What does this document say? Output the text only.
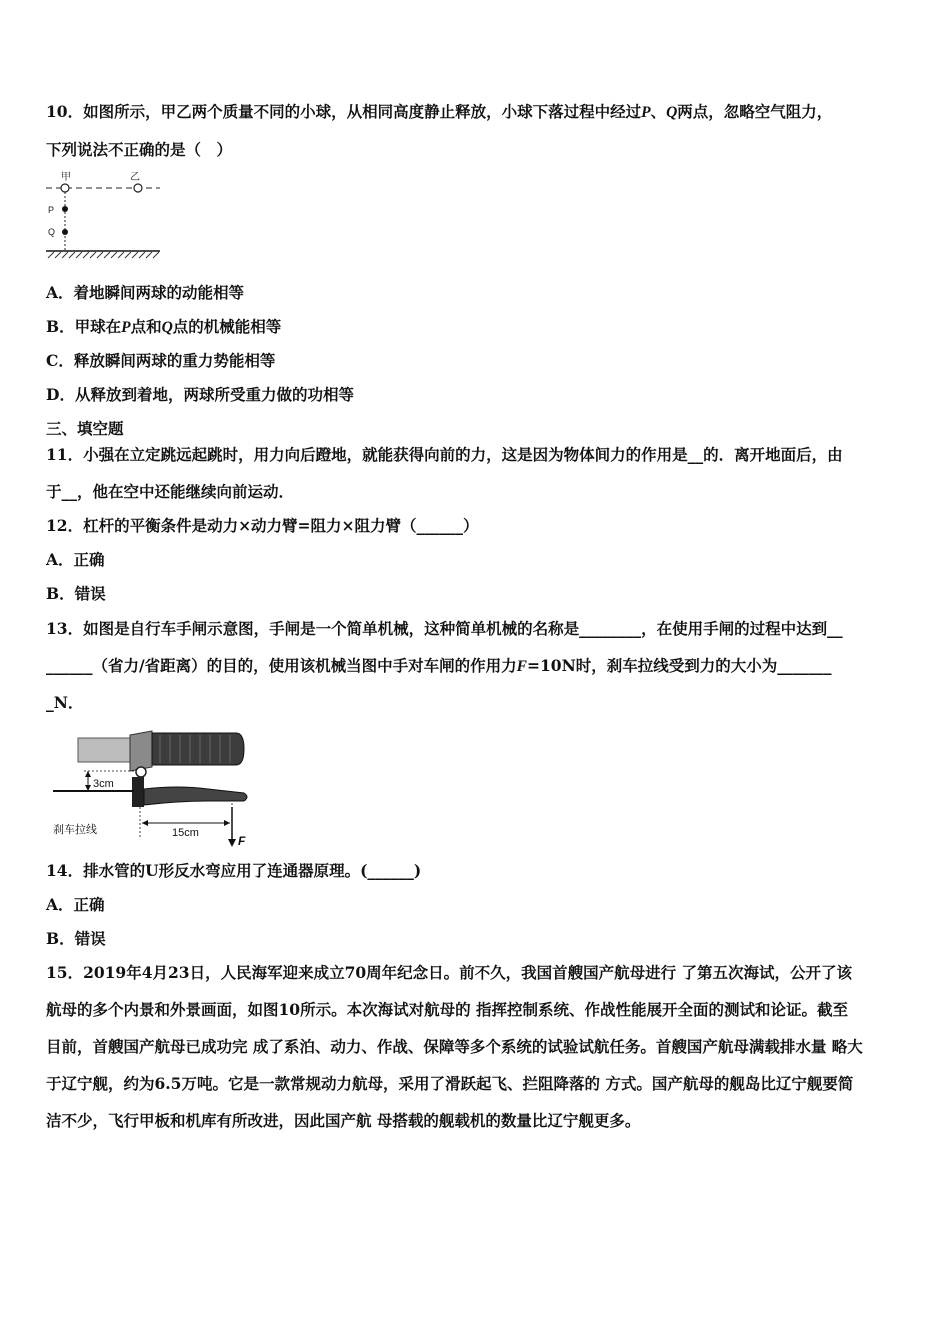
10．如图所示，甲乙两个质量不同的小球，从相同高度静止释放，小球下落过程中经过P、Q两点，忽略空气阻力，
下列说法不正确的是（　）
甲	乙
P
Q
A．着地瞬间两球的动能相等
B．甲球在P点和Q点的机械能相等
C．释放瞬间两球的重力势能相等
D．从释放到着地，两球所受重力做的功相等
三、填空题
11．小强在立定跳远起跳时，用力向后蹬地，就能获得向前的力，这是因为物体间力的作用是__的．离开地面后，由
于__，他在空中还能继续向前运动．
12．杠杆的平衡条件是动力×动力臂=阻力×阻力臂（______）
A．正确
B．错误
13．如图是自行车手闸示意图，手闸是一个简单机械，这种简单机械的名称是________，在使用手闸的过程中达到__
______（省力/省距离）的目的，使用该机械当图中手对车闸的作用力F=10N时，刹车拉线受到力的大小为_______
_N．
3cm
15cm
F
刹车拉线
14．排水管的U形反水弯应用了连通器原理。(______)
A．正确
B．错误
15．2019年4月23日，人民海军迎来成立70周年纪念日。前不久，我国首艘国产航母进行 了第五次海试，公开了该
航母的多个内景和外景画面，如图10所示。本次海试对航母的 指挥控制系统、作战性能展开全面的测试和论证。截至
目前，首艘国产航母已成功完 成了系泊、动力、作战、保障等多个系统的试验试航任务。首艘国产航母满载排水量 略大
于辽宁舰，约为6.5万吨。它是一款常规动力航母，采用了滑跃起飞、拦阻降落的 方式。国产航母的舰岛比辽宁舰要简
洁不少，飞行甲板和机库有所改进，因此国产航 母搭载的舰载机的数量比辽宁舰更多。
